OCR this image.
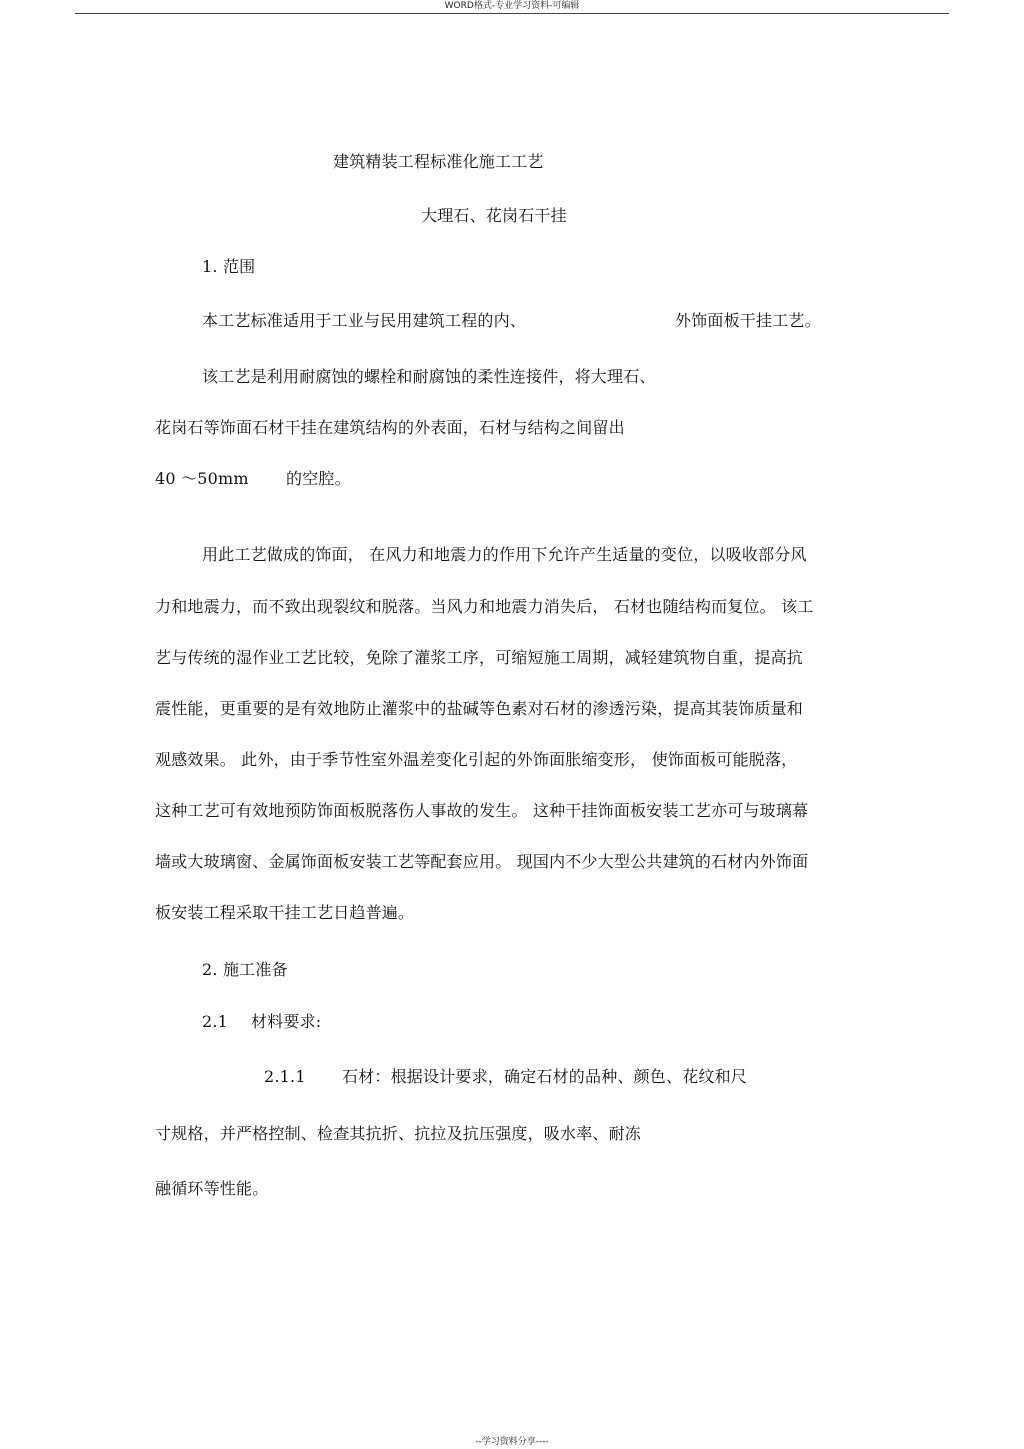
WORD格式-专业学习资料-可编辑
建筑精装工程标准化施工工艺
大理石、花岗石干挂
1. 范围
本工艺标准适用于工业与民用建筑工程的内、	外饰面板干挂工艺。
该工艺是利用耐腐蚀的螺栓和耐腐蚀的柔性连接件，将大理石、
花岗石等饰面石材干挂在建筑结构的外表面，石材与结构之间留出
40 ～50mm 的空腔。
用此工艺做成的饰面， 在风力和地震力的作用下允许产生适量的变位，以吸收部分风
力和地震力，而不致出现裂纹和脱落。当风力和地震力消失后， 石材也随结构而复位。 该工
艺与传统的湿作业工艺比较，免除了灌浆工序，可缩短施工周期，减轻建筑物自重，提高抗
震性能，更重要的是有效地防止灌浆中的盐碱等色素对石材的渗透污染，提高其装饰质量和
观感效果。 此外，由于季节性室外温差变化引起的外饰面胀缩变形， 使饰面板可能脱落，
这种工艺可有效地预防饰面板脱落伤人事故的发生。 这种干挂饰面板安装工艺亦可与玻璃幕
墙或大玻璃窗、金属饰面板安装工艺等配套应用。 现国内不少大型公共建筑的石材内外饰面
板安装工程采取干挂工艺日趋普遍。
2. 施工准备
2.1 材料要求:
2.1.1 石材：根据设计要求，确定石材的品种、颜色、花纹和尺
寸规格，并严格控制、检查其抗折、抗拉及抗压强度，吸水率、耐冻
融循环等性能。
--学习资料分享----
